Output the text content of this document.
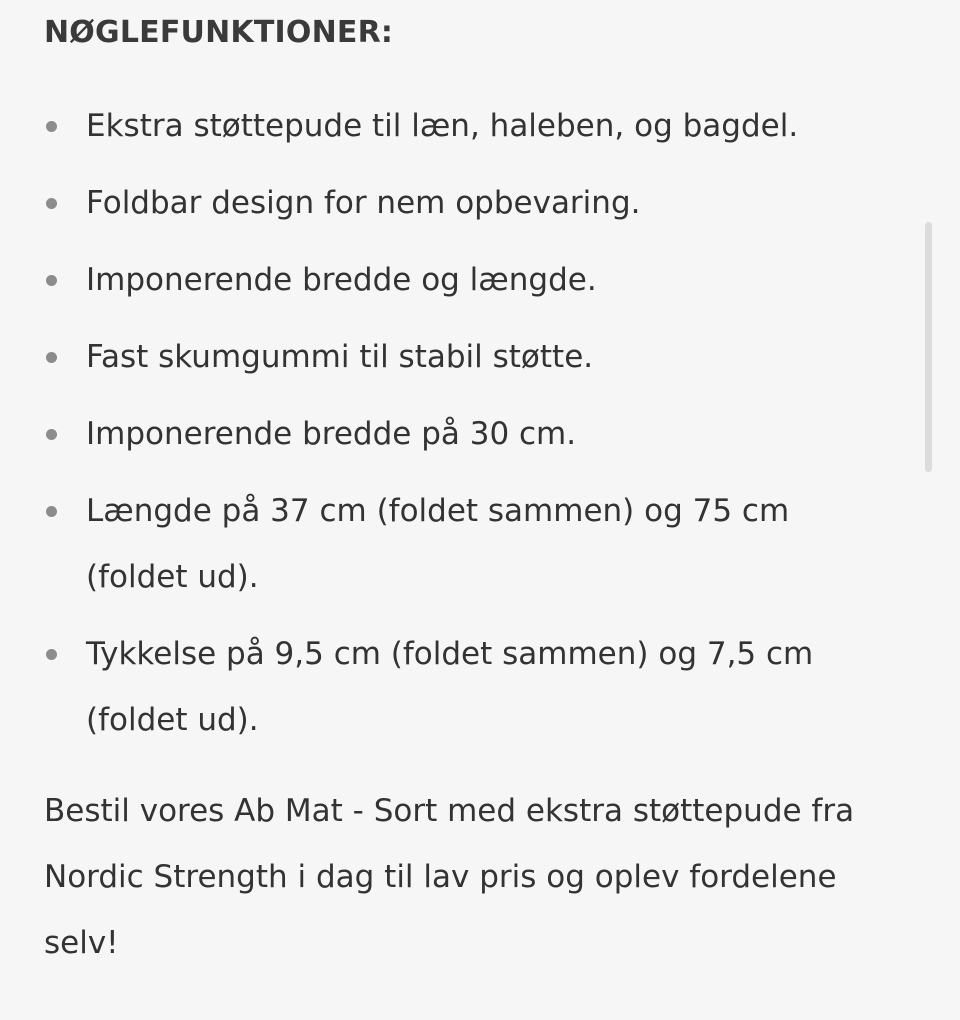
NØGLEFUNKTIONER:
Ekstra støttepude til læn, haleben, og bagdel.
Foldbar design for nem opbevaring.
Imponerende bredde og længde.
Fast skumgummi til stabil støtte.
Imponerende bredde på 30 cm.
Længde på 37 cm (foldet sammen) og 75 cm (foldet ud).
Tykkelse på 9,5 cm (foldet sammen) og 7,5 cm (foldet ud).

Bestil vores Ab Mat - Sort med ekstra støttepude fra Nordic Strength i dag til lav pris og oplev fordelene selv!
